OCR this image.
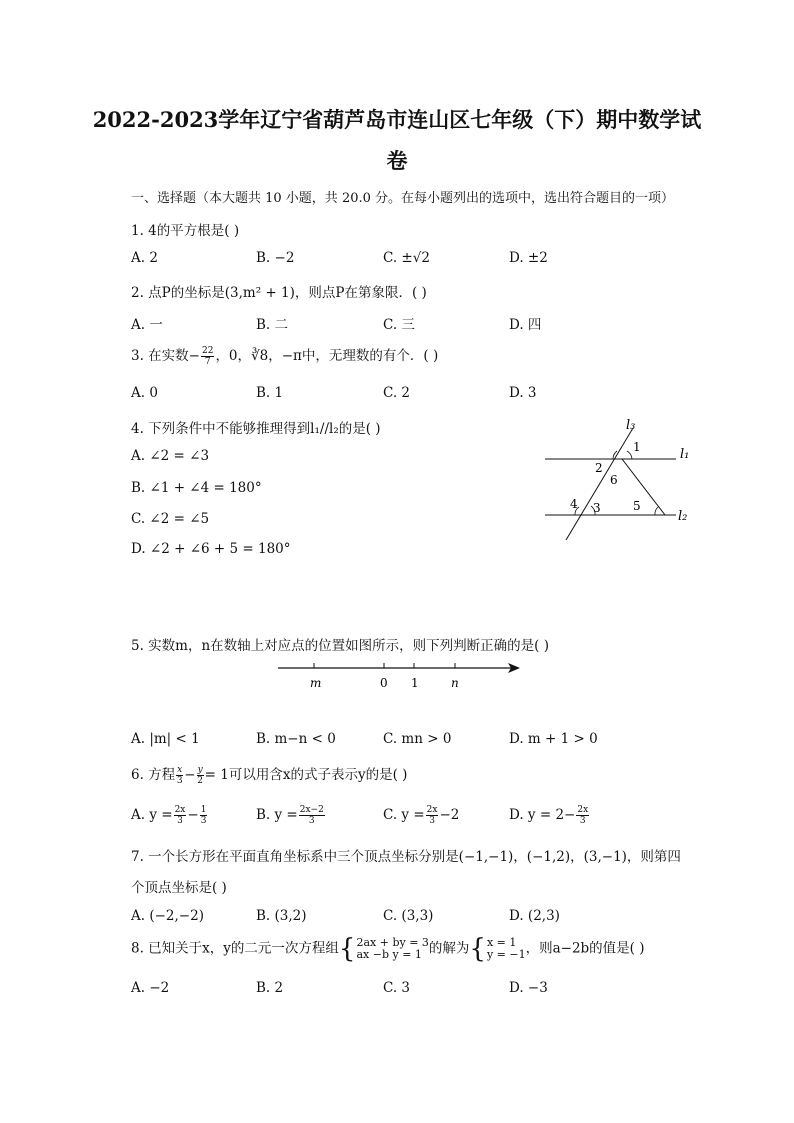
2022-2023学年辽宁省葫芦岛市连山区七年级（下）期中数学试
卷
一、选择题（本大题共 10 小题，共 20.0 分。在每小题列出的选项中，选出符合题目的一项）
1. 4的平方根是( )
A. 2	B. −2	C. ±√2	D. ±2
2. 点P的坐标是(3,m² + 1)，则点P在第象限．( )
A. 一	B. 二	C. 三	D. 四
3. 在实数− $\frac{22}{7}$ ，0，∛8，−π中，无理数的有个．( )
A. 0	B. 1	C. 2	D. 3
4. 下列条件中不能够推理得到l₁//l₂的是( )
A. ∠2 = ∠3
B. ∠1 + ∠4 = 180°
C. ∠2 = ∠5
D. ∠2 + ∠6 + 5 = 180°
l₃
1	l₁
2
6
4 3	5
l₂
5. 实数m，n在数轴上对应点的位置如图所示，则下列判断正确的是( )
m	0 1	n
A. |m| < 1	B. m−n < 0	C. mn > 0	D. m + 1 > 0
6. 方程 $\frac{x}{3} - \frac{y}{2} = 1$可以用含x的式子表示y的是( )
A. $y = \frac{2x}{3} - \frac{1}{3}$	B. $y = \frac{2x-2}{3}$	C. $y = \frac{2x}{3} -2$	D. $y = 2- \frac{2x}{3}$
7. 一个长方形在平面直角坐标系中三个顶点坐标分别是(−1,−1)，(−1,2)，(3,−1)，则第四
个顶点坐标是( )
A. (−2,−2)	B. (3,2)	C. (3,3)	D. (2,3)
8. 已知关于x，y的二元一次方程组{ 2ax + by = 3
ax −b y = 1 的解为{ x = 1
y = −1 ，则a−2b的值是( )
A. −2	B. 2	C. 3	D. −3
